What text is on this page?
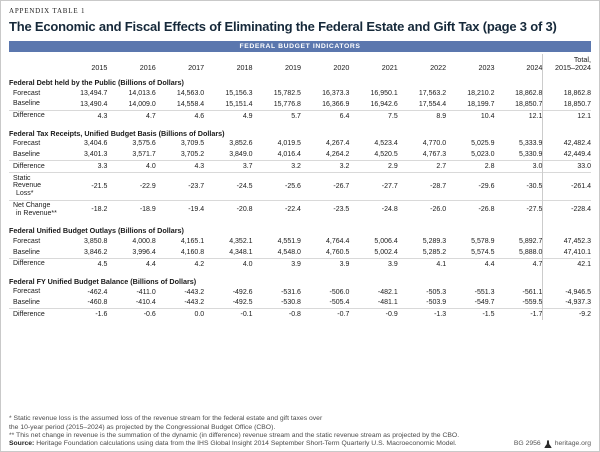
APPENDIX TABLE 1
The Economic and Fiscal Effects of Eliminating the Federal Estate and Gift Tax (page 3 of 3)
FEDERAL BUDGET INDICATORS
	2015	2016	2017	2018	2019	2020	2021	2022	2023	2024	Total,
2015–2024

Federal Debt held by the Public (Billions of Dollars)											
Forecast	13,494.7	14,013.6	14,563.0	15,156.3	15,782.5	16,373.3	16,950.1	17,563.2	18,210.2	18,862.8	18,862.8
Baseline	13,490.4	14,009.0	14,558.4	15,151.4	15,776.8	16,366.9	16,942.6	17,554.4	18,199.7	18,850.7	18,850.7
Difference	4.3	4.7	4.6	4.9	5.7	6.4	7.5	8.9	10.4	12.1	12.1
Federal Tax Receipts, Unified Budget Basis (Billions of Dollars)											
Forecast	3,404.6	3,575.6	3,709.5	3,852.6	4,019.5	4,267.4	4,523.4	4,770.0	5,025.9	5,333.9	42,482.4
Baseline	3,401.3	3,571.7	3,705.2	3,849.0	4,016.4	4,264.2	4,520.5	4,767.3	5,023.0	5,330.9	42,449.4
Difference	3.3	4.0	4.3	3.7	3.2	3.2	2.9	2.7	2.8	3.0	33.0
Static Revenue
Loss*	-21.5	-22.9	-23.7	-24.5	-25.6	-26.7	-27.7	-28.7	-29.6	-30.5	-261.4
Net Change
in Revenue**	-18.2	-18.9	-19.4	-20.8	-22.4	-23.5	-24.8	-26.0	-26.8	-27.5	-228.4
Federal Unified Budget Outlays (Billions of Dollars)											
Forecast	3,850.8	4,000.8	4,165.1	4,352.1	4,551.9	4,764.4	5,006.4	5,289.3	5,578.9	5,892.7	47,452.3
Baseline	3,846.2	3,996.4	4,160.8	4,348.1	4,548.0	4,760.5	5,002.4	5,285.2	5,574.5	5,888.0	47,410.1
Difference	4.5	4.4	4.2	4.0	3.9	3.9	3.9	4.1	4.4	4.7	42.1
Federal FY Unified Budget Balance (Billions of Dollars)											
Forecast	-462.4	-411.0	-443.2	-492.6	-531.6	-506.0	-482.1	-505.3	-551.3	-561.1	-4,946.5
Baseline	-460.8	-410.4	-443.2	-492.5	-530.8	-505.4	-481.1	-503.9	-549.7	-559.5	-4,937.3
Difference	-1.6	-0.6	0.0	-0.1	-0.8	-0.7	-0.9	-1.3	-1.5	-1.7	-9.2
* Static revenue loss is the assumed loss of the revenue stream for the federal estate and gift taxes over
the 10-year period (2015–2024) as projected by the Congressional Budget Office (CBO).
** This net change in revenue is the summation of the dynamic (in difference) revenue stream and the static revenue stream as projected by the CBO.
Source: Heritage Foundation calculations using data from the IHS Global Insight 2014 September Short-Term Quarterly U.S. Macroeconomic Model.	BG 2956 heritage.org
